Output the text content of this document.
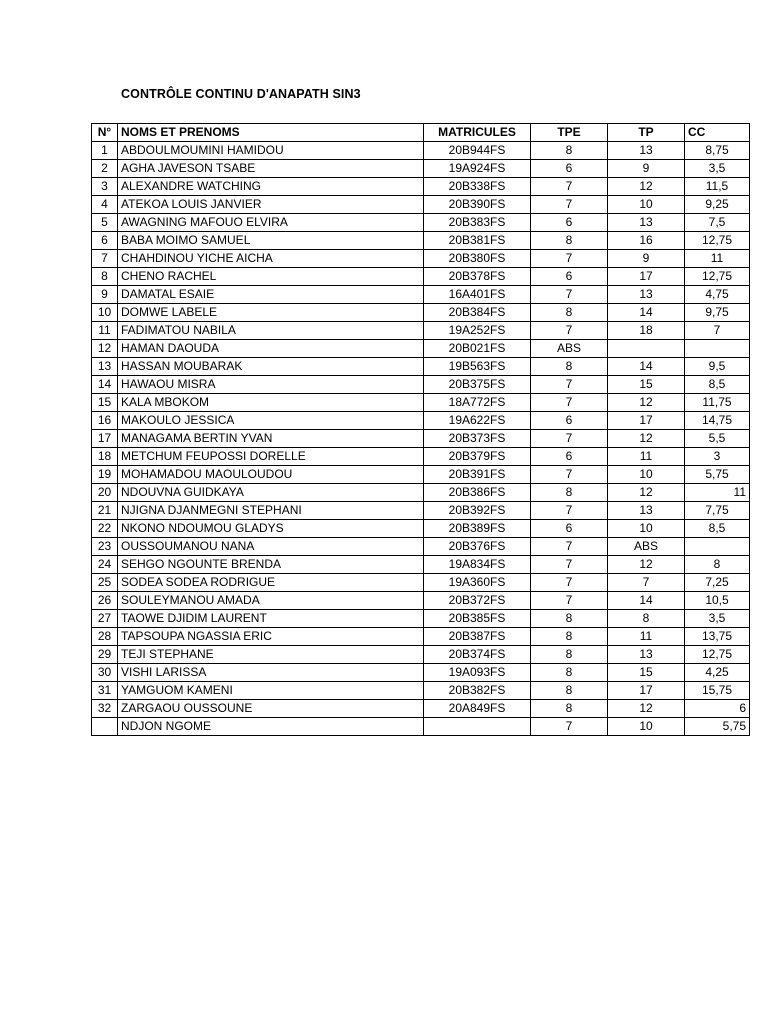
CONTRÔLE CONTINU D'ANAPATH SIN3
N°	NOMS ET PRENOMS	MATRICULES	TPE	TP	CC
1	ABDOULMOUMINI HAMIDOU	20B944FS	8	13	8,75
2	AGHA JAVESON TSABE	19A924FS	6	9	3,5
3	ALEXANDRE WATCHING	20B338FS	7	12	11,5
4	ATEKOA LOUIS JANVIER	20B390FS	7	10	9,25
5	AWAGNING MAFOUO ELVIRA	20B383FS	6	13	7,5
6	BABA MOIMO SAMUEL	20B381FS	8	16	12,75
7	CHAHDINOU YICHE AICHA	20B380FS	7	9	11
8	CHENO RACHEL	20B378FS	6	17	12,75
9	DAMATAL ESAIE	16A401FS	7	13	4,75
10	DOMWE LABELE	20B384FS	8	14	9,75
11	FADIMATOU NABILA	19A252FS	7	18	7
12	HAMAN DAOUDA	20B021FS	ABS		
13	HASSAN MOUBARAK	19B563FS	8	14	9,5
14	HAWAOU MISRA	20B375FS	7	15	8,5
15	KALA MBOKOM	18A772FS	7	12	11,75
16	MAKOULO JESSICA	19A622FS	6	17	14,75
17	MANAGAMA BERTIN YVAN	20B373FS	7	12	5,5
18	METCHUM FEUPOSSI DORELLE	20B379FS	6	11	3
19	MOHAMADOU MAOULOUDOU	20B391FS	7	10	5,75
20	NDOUVNA GUIDKAYA	20B386FS	8	12	11
21	NJIGNA DJANMEGNI STEPHANI	20B392FS	7	13	7,75
22	NKONO NDOUMOU GLADYS	20B389FS	6	10	8,5
23	OUSSOUMANOU NANA	20B376FS	7	ABS	
24	SEHGO NGOUNTE BRENDA	19A834FS	7	12	8
25	SODEA SODEA RODRIGUE	19A360FS	7	7	7,25
26	SOULEYMANOU AMADA	20B372FS	7	14	10,5
27	TAOWE DJIDIM LAURENT	20B385FS	8	8	3,5
28	TAPSOUPA NGASSIA ERIC	20B387FS	8	11	13,75
29	TEJI STEPHANE	20B374FS	8	13	12,75
30	VISHI LARISSA	19A093FS	8	15	4,25
31	YAMGUOM KAMENI	20B382FS	8	17	15,75
32	ZARGAOU OUSSOUNE	20A849FS	8	12	6
	NDJON NGOME		7	10	5,75
